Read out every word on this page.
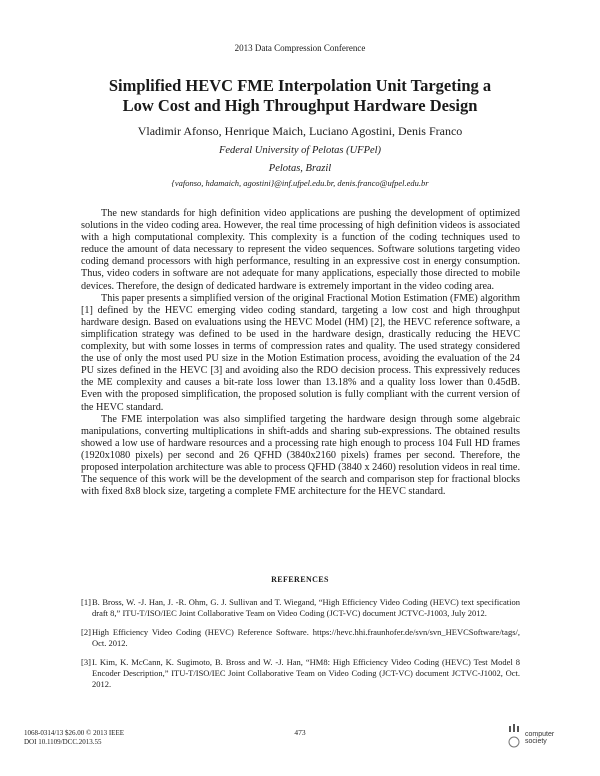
2013 Data Compression Conference
Simplified HEVC FME Interpolation Unit Targeting a
Low Cost and High Throughput Hardware Design
Vladimir Afonso, Henrique Maich, Luciano Agostini, Denis Franco
Federal University of Pelotas (UFPel)
Pelotas, Brazil
{vafonso, hdamaich, agostini}@inf.ufpel.edu.br, denis.franco@ufpel.edu.br

The new standards for high definition video applications are pushing the development of optimized solutions in the video coding area. However, the real time processing of high definition videos is associated with a high computational complexity. This complexity is a function of the coding techniques used to reduce the amount of data necessary to represent the video sequences. Software solutions targeting video coding demand processors with high performance, resulting in an expressive cost in energy consumption. Thus, video coders in software are not adequate for many applications, especially those directed to mobile devices. Therefore, the design of dedicated hardware is extremely important in the video coding area.

This paper presents a simplified version of the original Fractional Motion Estimation (FME) algorithm [1] defined by the HEVC emerging video coding standard, targeting a low cost and high throughput hardware design. Based on evaluations using the HEVC Model (HM) [2], the HEVC reference software, a simplification strategy was defined to be used in the hardware design, drastically reducing the HEVC complexity, but with some losses in terms of compression rates and quality. The used strategy considered the use of only the most used PU size in the Motion Estimation process, avoiding the evaluation of the 24 PU sizes defined in the HEVC [3] and avoiding also the RDO decision process. This expressively reduces the ME complexity and causes a bit-rate loss lower than 13.18% and a quality loss lower than 0.45dB. Even with the proposed simplification, the proposed solution is fully compliant with the current version of the HEVC standard.

The FME interpolation was also simplified targeting the hardware design through some algebraic manipulations, converting multiplications in shift-adds and sharing sub-expressions. The obtained results showed a low use of hardware resources and a processing rate high enough to process 104 Full HD frames (1920x1080 pixels) per second and 26 QFHD (3840x2160 pixels) frames per second. Therefore, the proposed interpolation architecture was able to process QFHD (3840 x 2460) resolution videos in real time. The sequence of this work will be the development of the search and comparison step for fractional blocks with fixed 8x8 block size, targeting a complete FME architecture for the HEVC standard.

REFERENCES
[1] B. Bross, W. -J. Han, J. -R. Ohm, G. J. Sullivan and T. Wiegand, “High Efficiency Video Coding (HEVC) text specification draft 8,” ITU-T/ISO/IEC Joint Collaborative Team on Video Coding (JCT-VC) document JCTVC-J1003, July 2012.
[2] High Efficiency Video Coding (HEVC) Reference Software. https://hevc.hhi.fraunhofer.de/svn/svn_HEVCSoftware/tags/, Oct. 2012.
[3] I. Kim, K. McCann, K. Sugimoto, B. Bross and W. -J. Han, “HM8: High Efficiency Video Coding (HEVC) Test Model 8 Encoder Description,” ITU-T/ISO/IEC Joint Collaborative Team on Video Coding (JCT-VC) document JCTVC-J1002, Oct. 2012.
1068-0314/13 $26.00 © 2013 IEEE
DOI 10.1109/DCC.2013.55
473	computer
society
